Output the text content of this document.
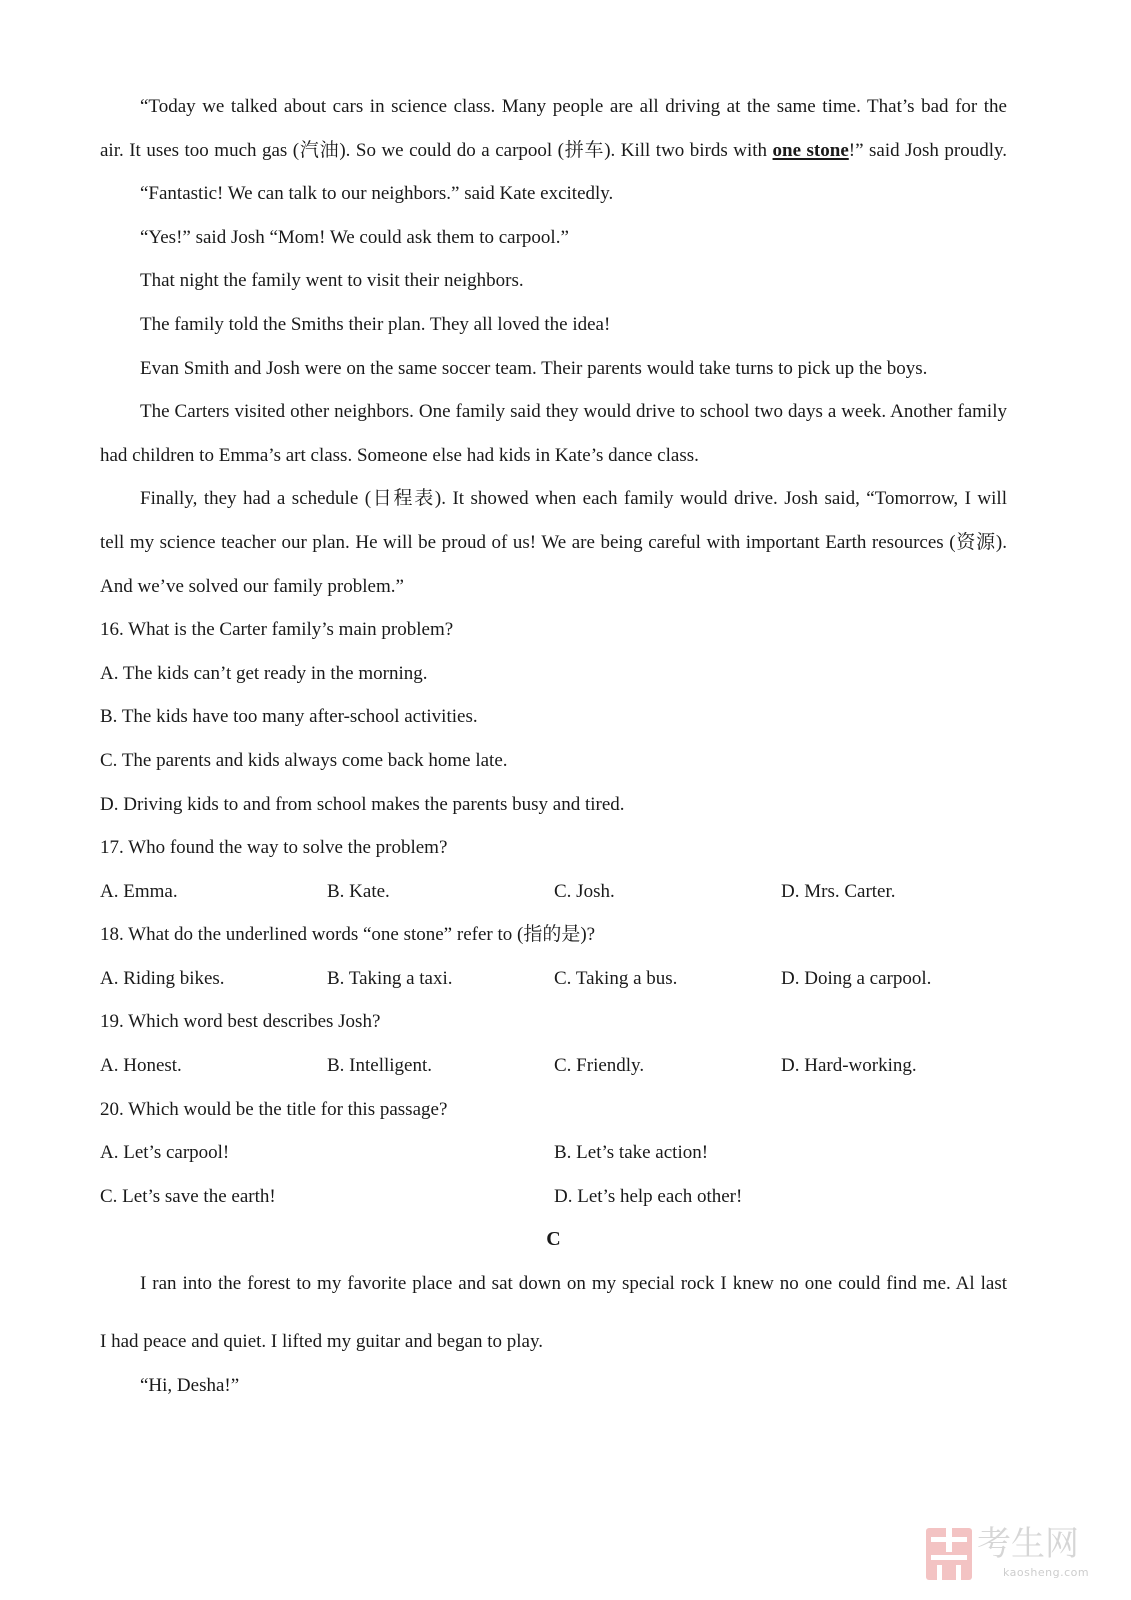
“Today we talked about cars in science class. Many people are all driving at the same time. That’s bad for the
air. It uses too much gas (汽油). So we could do a carpool (拼车). Kill two birds with one stone!” said Josh proudly.
“Fantastic! We can talk to our neighbors.” said Kate excitedly.
“Yes!” said Josh “Mom! We could ask them to carpool.”
That night the family went to visit their neighbors.
The family told the Smiths their plan. They all loved the idea!
Evan Smith and Josh were on the same soccer team. Their parents would take turns to pick up the boys.
The Carters visited other neighbors. One family said they would drive to school two days a week. Another family
had children to Emma’s art class. Someone else had kids in Kate’s dance class.
Finally, they had a schedule (日程表). It showed when each family would drive. Josh said, “Tomorrow, I will
tell my science teacher our plan. He will be proud of us! We are being careful with important Earth resources (资源).
And we’ve solved our family problem.”
16. What is the Carter family’s main problem?
A. The kids can’t get ready in the morning.
B. The kids have too many after-school activities.
C. The parents and kids always come back home late.
D. Driving kids to and from school makes the parents busy and tired.
17. Who found the way to solve the problem?
A. Emma.	B. Kate.	C. Josh.	D. Mrs. Carter.
18. What do the underlined words “one stone” refer to (指的是)?
A. Riding bikes.	B. Taking a taxi.	C. Taking a bus.	D. Doing a carpool.
19. Which word best describes Josh?
A. Honest.	B. Intelligent.	C. Friendly.	D. Hard-working.
20. Which would be the title for this passage?
A. Let’s carpool!	B. Let’s take action!
C. Let’s save the earth!	D. Let’s help each other!
C
I ran into the forest to my favorite place and sat down on my special rock I knew no one could find me. Al last
I had peace and quiet. I lifted my guitar and began to play.
“Hi, Desha!”
考生网
kaosheng.com
